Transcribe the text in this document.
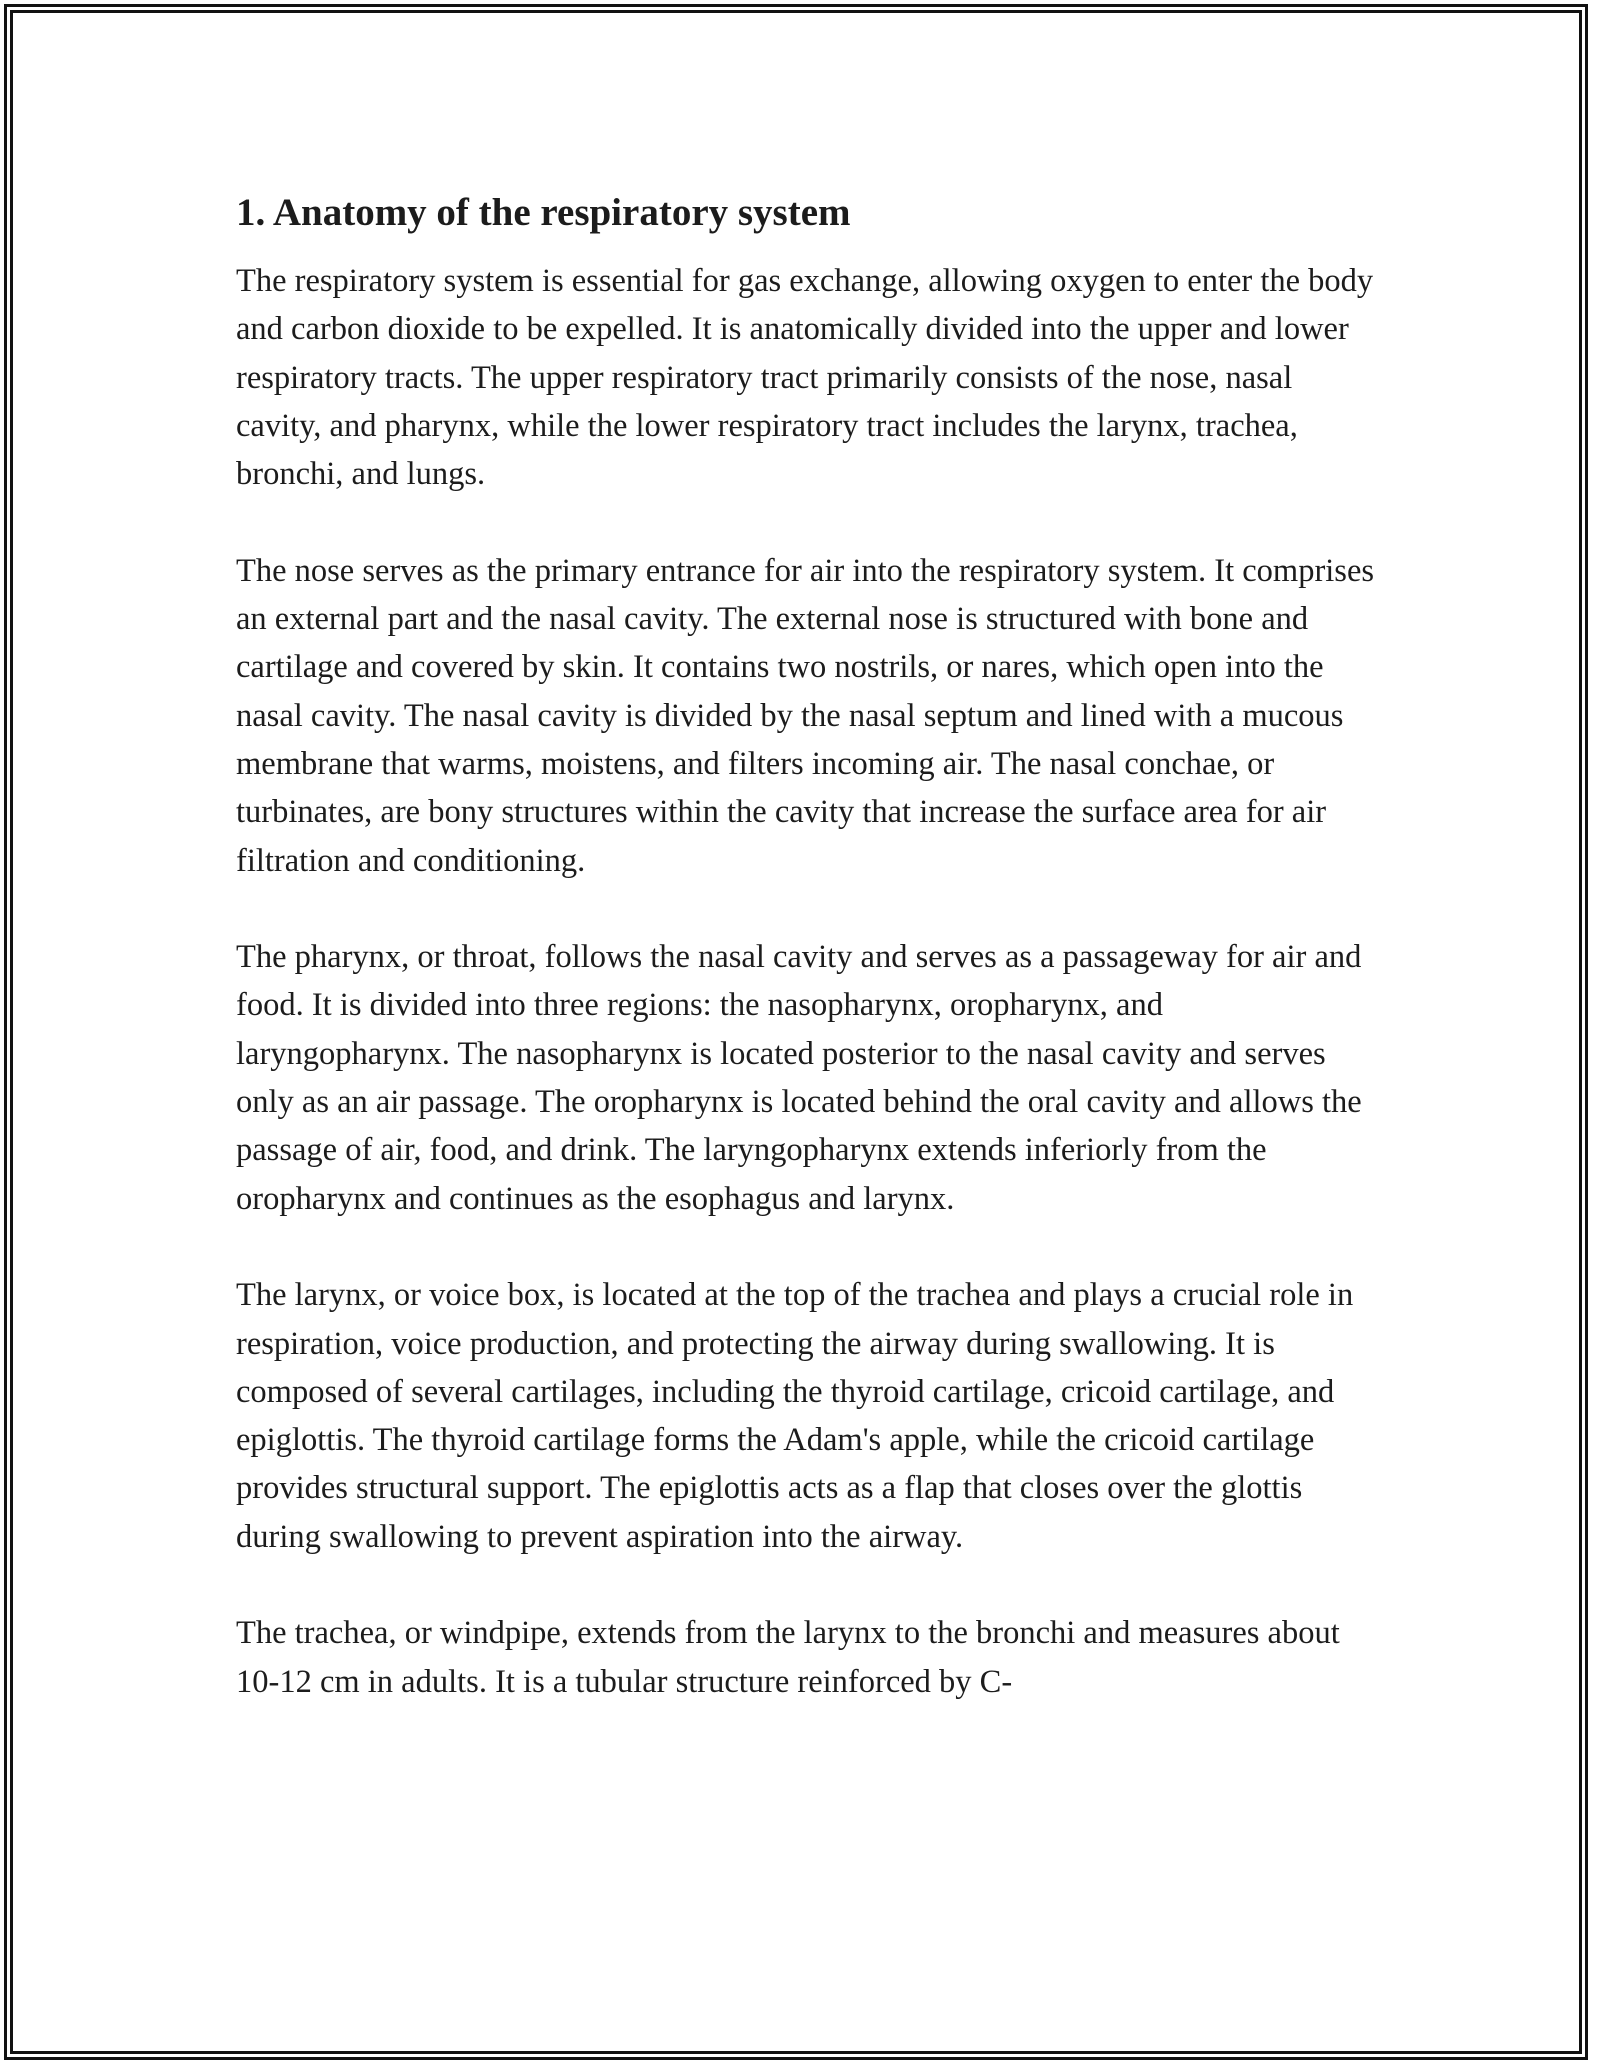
1. Anatomy of the respiratory system

The respiratory system is essential for gas exchange, allowing oxygen to enter the body and carbon dioxide to be expelled. It is anatomically divided into the upper and lower respiratory tracts. The upper respiratory tract primarily consists of the nose, nasal cavity, and pharynx, while the lower respiratory tract includes the larynx, trachea, bronchi, and lungs.

The nose serves as the primary entrance for air into the respiratory system. It comprises an external part and the nasal cavity. The external nose is structured with bone and cartilage and covered by skin. It contains two nostrils, or nares, which open into the nasal cavity. The nasal cavity is divided by the nasal septum and lined with a mucous membrane that warms, moistens, and filters incoming air. The nasal conchae, or turbinates, are bony structures within the cavity that increase the surface area for air filtration and conditioning.

The pharynx, or throat, follows the nasal cavity and serves as a passageway for air and food. It is divided into three regions: the nasopharynx, oropharynx, and laryngopharynx. The nasopharynx is located posterior to the nasal cavity and serves only as an air passage. The oropharynx is located behind the oral cavity and allows the passage of air, food, and drink. The laryngopharynx extends inferiorly from the oropharynx and continues as the esophagus and larynx.

The larynx, or voice box, is located at the top of the trachea and plays a crucial role in respiration, voice production, and protecting the airway during swallowing. It is composed of several cartilages, including the thyroid cartilage, cricoid cartilage, and epiglottis. The thyroid cartilage forms the Adam's apple, while the cricoid cartilage provides structural support. The epiglottis acts as a flap that closes over the glottis during swallowing to prevent aspiration into the airway.

The trachea, or windpipe, extends from the larynx to the bronchi and measures about 10-12 cm in adults. It is a tubular structure reinforced by C-
